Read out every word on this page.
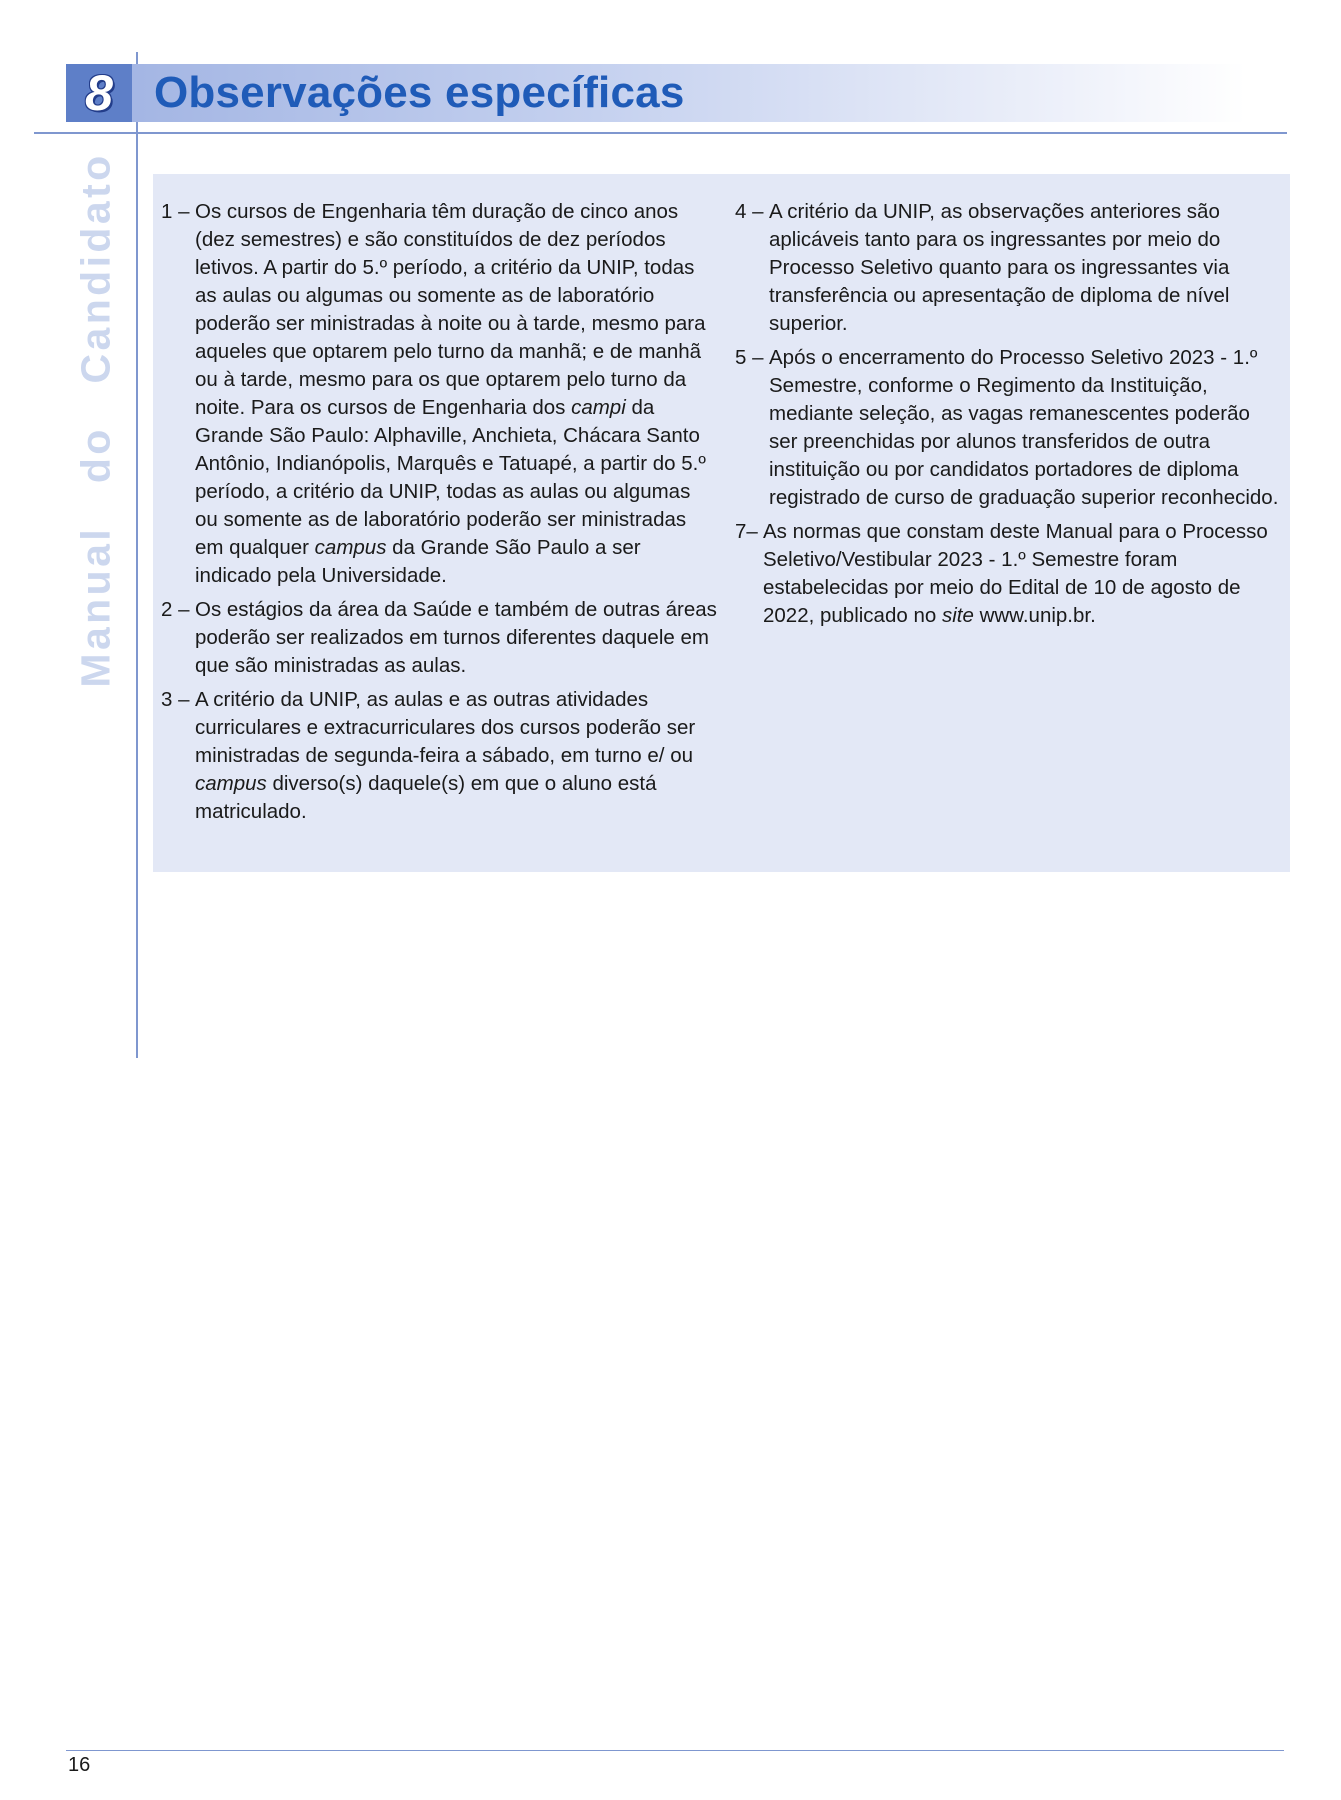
8 Observações específicas
Manual do Candidato 1 – Os cursos de Engenharia têm duração de cinco anos (dez semestres) e são constituídos de dez períodos letivos. A partir do 5.º período, a critério da UNIP, todas as aulas ou algumas ou somente as de laboratório poderão ser ministradas à noite ou à tarde, mesmo para aqueles que optarem pelo turno da manhã; e de manhã ou à tarde, mesmo para os que optarem pelo turno da noite. Para os cursos de Engenharia dos campi da Grande São Paulo: Alphaville, Anchieta, Chácara Santo Antônio, Indianópolis, Marquês e Tatuapé, a partir do 5.º período, a critério da UNIP, todas as aulas ou algumas ou somente as de laboratório poderão ser ministradas em qualquer campus da Grande São Paulo a ser indicado pela Universidade.
2 – Os estágios da área da Saúde e também de outras áreas poderão ser realizados em turnos diferentes daquele em que são ministradas as aulas.
3 – A critério da UNIP, as aulas e as outras atividades curriculares e extracurriculares dos cursos poderão ser ministradas de segunda-feira a sábado, em turno e/ ou campus diverso(s) daquele(s) em que o aluno está matriculado.
4 – A critério da UNIP, as observações anteriores são aplicáveis tanto para os ingressantes por meio do Processo Seletivo quanto para os ingressantes via transferência ou apresentação de diploma de nível superior.
5 – Após o encerramento do Processo Seletivo 2023 - 1.º Semestre, conforme o Regimento da Instituição, mediante seleção, as vagas remanescentes poderão ser preenchidas por alunos transferidos de outra instituição ou por candidatos portadores de diploma registrado de curso de graduação superior reconhecido.
7– As normas que constam deste Manual para o Processo Seletivo/Vestibular 2023 - 1.º Semestre foram estabelecidas por meio do Edital de 10 de agosto de 2022, publicado no site www.unip.br.
16
